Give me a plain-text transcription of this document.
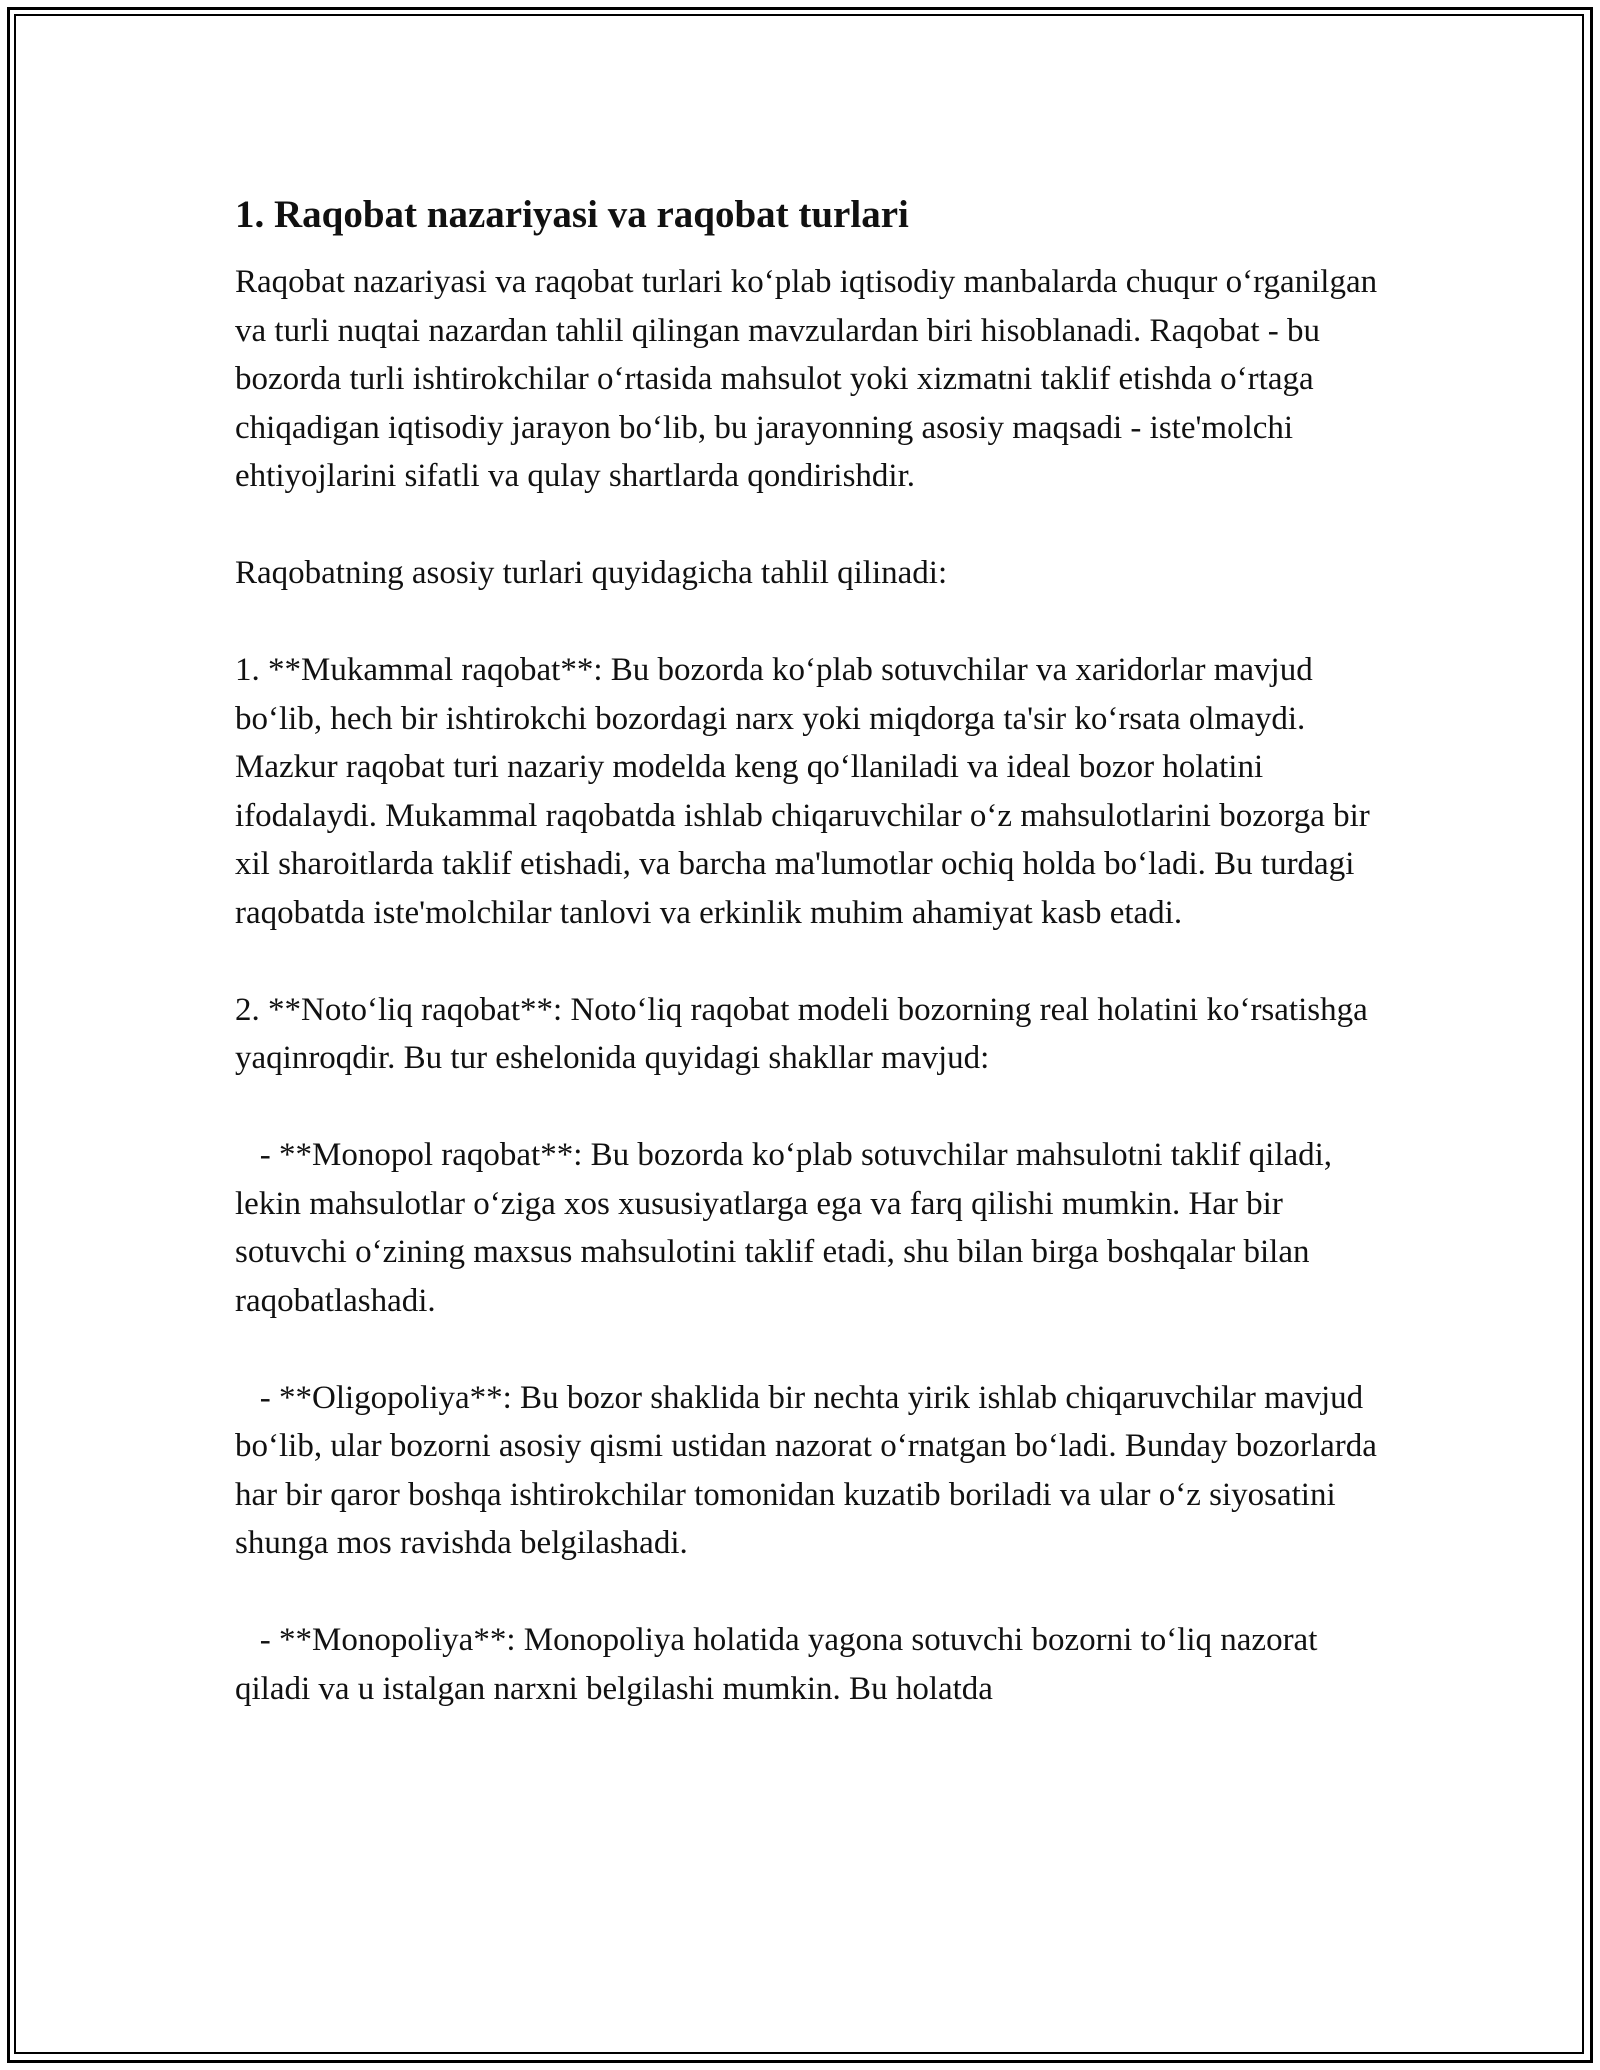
1. Raqobat nazariyasi va raqobat turlari

Raqobat nazariyasi va raqobat turlari ko‘plab iqtisodiy manbalarda chuqur o‘rganilgan va turli nuqtai nazardan tahlil qilingan mavzulardan biri hisoblanadi. Raqobat - bu bozorda turli ishtirokchilar o‘rtasida mahsulot yoki xizmatni taklif etishda o‘rtaga chiqadigan iqtisodiy jarayon bo‘lib, bu jarayonning asosiy maqsadi - iste'molchi ehtiyojlarini sifatli va qulay shartlarda qondirishdir.

Raqobatning asosiy turlari quyidagicha tahlil qilinadi:

1. **Mukammal raqobat**: Bu bozorda ko‘plab sotuvchilar va xaridorlar mavjud bo‘lib, hech bir ishtirokchi bozordagi narx yoki miqdorga ta'sir ko‘rsata olmaydi. Mazkur raqobat turi nazariy modelda keng qo‘llaniladi va ideal bozor holatini ifodalaydi. Mukammal raqobatda ishlab chiqaruvchilar o‘z mahsulotlarini bozorga bir xil sharoitlarda taklif etishadi, va barcha ma'lumotlar ochiq holda bo‘ladi. Bu turdagi raqobatda iste'molchilar tanlovi va erkinlik muhim ahamiyat kasb etadi.

2. **Noto‘liq raqobat**: Noto‘liq raqobat modeli bozorning real holatini ko‘rsatishga yaqinroqdir. Bu tur eshelonida quyidagi shakllar mavjud:

- **Monopol raqobat**: Bu bozorda ko‘plab sotuvchilar mahsulotni taklif qiladi, lekin mahsulotlar o‘ziga xos xususiyatlarga ega va farq qilishi mumkin. Har bir sotuvchi o‘zining maxsus mahsulotini taklif etadi, shu bilan birga boshqalar bilan raqobatlashadi.

- **Oligopoliya**: Bu bozor shaklida bir nechta yirik ishlab chiqaruvchilar mavjud bo‘lib, ular bozorni asosiy qismi ustidan nazorat o‘rnatgan bo‘ladi. Bunday bozorlarda har bir qaror boshqa ishtirokchilar tomonidan kuzatib boriladi va ular o‘z siyosatini shunga mos ravishda belgilashadi.

- **Monopoliya**: Monopoliya holatida yagona sotuvchi bozorni to‘liq nazorat qiladi va u istalgan narxni belgilashi mumkin. Bu holatda
